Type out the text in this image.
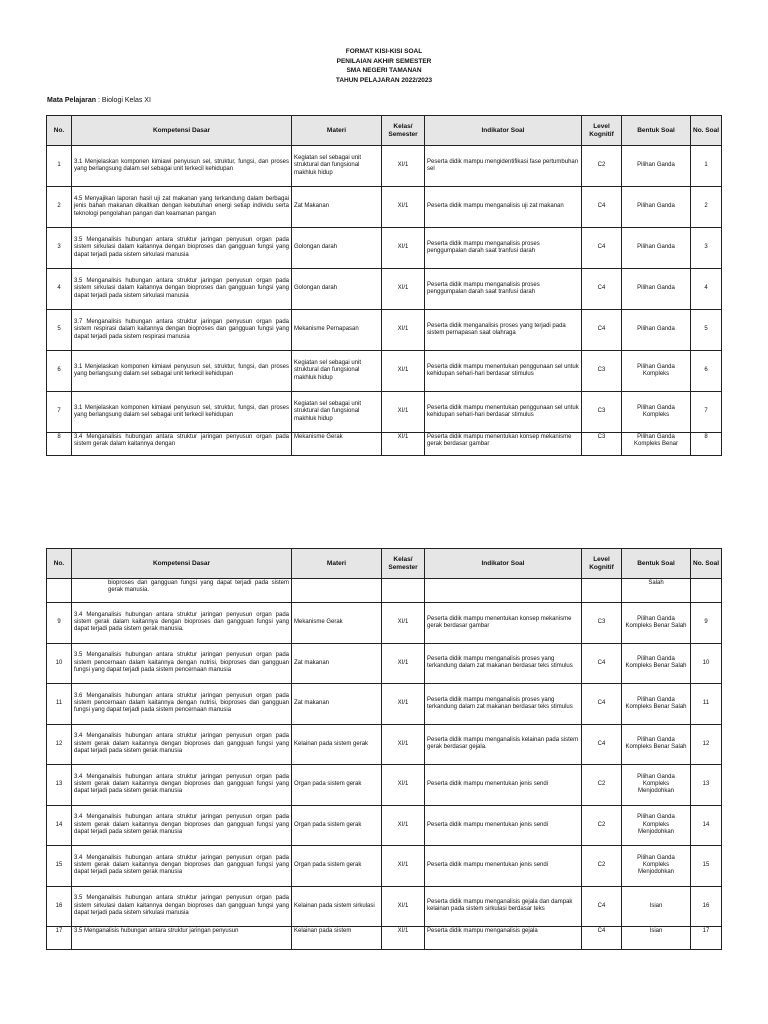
FORMAT KISI-KISI SOAL
PENILAIAN AKHIR SEMESTER
SMA NEGERI TAMANAN
TAHUN PELAJARAN 2022/2023
Mata Pelajaran : Biologi Kelas XI
No.	Kompetensi Dasar	Materi	Kelas/ Semester	Indikator Soal	Level Kognitif	Bentuk Soal	No. Soal
1	3.1 Menjelaskan komponen kimiawi penyusun sel, struktur, fungsi, dan proses yang berlangsung dalam sel sebagai unit terkecil kehidupan	Kegiatan sel sebagai unit struktural dan fungsional makhluk hidup	XI/1	Peserta didik mampu mengidentifikasi fase pertumbuhan sel	C2	Pilihan Ganda	1
2	4.5 Menyajikan laporan hasil uji zat makanan yang terkandung dalam berbagai jenis bahan makanan dikaitkan dengan kebutuhan energi setiap individu serta teknologi pengolahan pangan dan keamanan pangan	Zat Makanan	XI/1	Peserta didik mampu menganalisis uji zat makanan	C4	Pilihan Ganda	2
3	3.5 Menganalisis hubungan antara struktur jaringan penyusun organ pada sistem sirkulasi dalam kaitannya dengan bioproses dan gangguan fungsi yang dapat terjadi pada sistem sirkulasi manusia	Golongan darah	XI/1	Peserta didik mampu menganalisis proses penggumpalan darah saat tranfusi darah	C4	Pilihan Ganda	3
4	3.5 Menganalisis hubungan antara struktur jaringan penyusun organ pada sistem sirkulasi dalam kaitannya dengan bioproses dan gangguan fungsi yang dapat terjadi pada sistem sirkulasi manusia	Golongan darah	XI/1	Peserta didik mampu menganalisis proses penggumpalan darah saat tranfusi darah	C4	Pilihan Ganda	4
5	3.7 Menganalisis hubungan antara struktur jaringan penyusun organ pada sistem respirasi dalam kaitannya dengan bioproses dan gangguan fungsi yang dapat terjadi pada sistem respirasi manusia	Mekanisme Pernapasan	XI/1	Peserta didik menganalisis proses yang terjadi pada sistem pernapasan saat olahraga	C4	Pilihan Ganda	5
6	3.1 Menjelaskan komponen kimiawi penyusun sel, struktur, fungsi, dan proses yang berlangsung dalam sel sebagai unit terkecil kehidupan	Kegiatan sel sebagai unit struktural dan fungsional makhluk hidup	XI/1	Peserta didik mampu menentukan penggunaan sel untuk kehidupan sehari-hari berdasar stimulus	C3	Pilihan Ganda Kompleks	6
7	3.1 Menjelaskan komponen kimiawi penyusun sel, struktur, fungsi, dan proses yang berlangsung dalam sel sebagai unit terkecil kehidupan	Kegiatan sel sebagai unit struktural dan fungsional makhluk hidup	XI/1	Peserta didik mampu menentukan penggunaan sel untuk kehidupan sehari-hari berdasar stimulus	C3	Pilihan Ganda Kompleks	7
8	3.4 Menganalisis hubungan antara struktur jaringan penyusun organ pada sistem gerak dalam kaitannya dengan	Mekanisme Gerak	XI/1	Peserta didik mampu menentukan konsep mekanisme gerak berdasar gambar	C3	Pilihan Ganda Kompleks Benar	8
No.	Kompetensi Dasar	Materi	Kelas/ Semester	Indikator Soal	Level Kognitif	Bentuk Soal	No. Soal
	bioproses dan gangguan fungsi yang dapat terjadi pada sistem gerak manusia.					Salah	
9	3.4 Menganalisis hubungan antara struktur jaringan penyusun organ pada sistem gerak dalam kaitannya dengan bioproses dan gangguan fungsi yang dapat terjadi pada sistem gerak manusia.	Mekanisme Gerak	XI/1	Peserta didik mampu menentukan konsep mekanisme gerak berdasar gambar	C3	Pilihan Ganda Kompleks Benar Salah	9
10	3.5 Menganalisis hubungan antara struktur jaringan penyusun organ pada sistem pencernaan dalam kaitannya dengan nutrisi, bioproses dan gangguan fungsi yang dapat terjadi pada sistem pencernaan manusia	Zat makanan	XI/1	Peserta didik mampu menganalisis proses yang terkandung dalam zat makanan berdasar teks stimulus	C4	Pilihan Ganda Kompleks Benar Salah	10
11	3.6 Menganalisis hubungan antara struktur jaringan penyusun organ pada sistem pencernaan dalam kaitannya dengan nutrisi, bioproses dan gangguan fungsi yang dapat terjadi pada sistem pencernaan manusia	Zat makanan	XI/1	Peserta didik mampu menganalisis proses yang terkandung dalam zat makanan berdasar teks stimulus	C4	Pilihan Ganda Kompleks Benar Salah	11
12	3.4 Menganalisis hubungan antara struktur jaringan penyusun organ pada sistem gerak dalam kaitannya dengan bioproses dan gangguan fungsi yang dapat terjadi pada sistem gerak manusia	Kelainan pada sistem gerak	XI/1	Peserta didik mampu menganalisis kelainan pada sistem gerak berdasar gejala.	C4	Pilihan Ganda Kompleks Benar Salah	12
13	3.4 Menganalisis hubungan antara struktur jaringan penyusun organ pada sistem gerak dalam kaitannya dengan bioproses dan gangguan fungsi yang dapat terjadi pada sistem gerak manusia	Organ pada sistem gerak	XI/1	Peserta didik mampu menentukan jenis sendi	C2	Pilihan Ganda Kompleks Menjodohkan	13
14	3.4 Menganalisis hubungan antara struktur jaringan penyusun organ pada sistem gerak dalam kaitannya dengan bioproses dan gangguan fungsi yang dapat terjadi pada sistem gerak manusia	Organ pada sistem gerak	XI/1	Peserta didik mampu menentukan jenis sendi	C2	Pilihan Ganda Kompleks Menjodohkan	14
15	3.4 Menganalisis hubungan antara struktur jaringan penyusun organ pada sistem gerak dalam kaitannya dengan bioproses dan gangguan fungsi yang dapat terjadi pada sistem gerak manusia	Organ pada sistem gerak	XI/1	Peserta didik mampu menentukan jenis sendi	C2	Pilihan Ganda Kompleks Menjodohkan	15
16	3.5 Menganalisis hubungan antara struktur jaringan penyusun organ pada sistem sirkulasi dalam kaitannya dengan bioproses dan gangguan fungsi yang dapat terjadi pada sistem sirkulasi manusia	Kelainan pada sistem sirkulasi	XI/1	Peserta didik mampu menganalisis gejala dan dampak kelainan pada sistem sirkulasi berdasar teks	C4	Isian	16
17	3.5 Menganalisis hubungan antara struktur jaringan penyusun	Kelainan pada sistem	XI/1	Peserta didik mampu menganalisis gejala	C4	Isian	17
